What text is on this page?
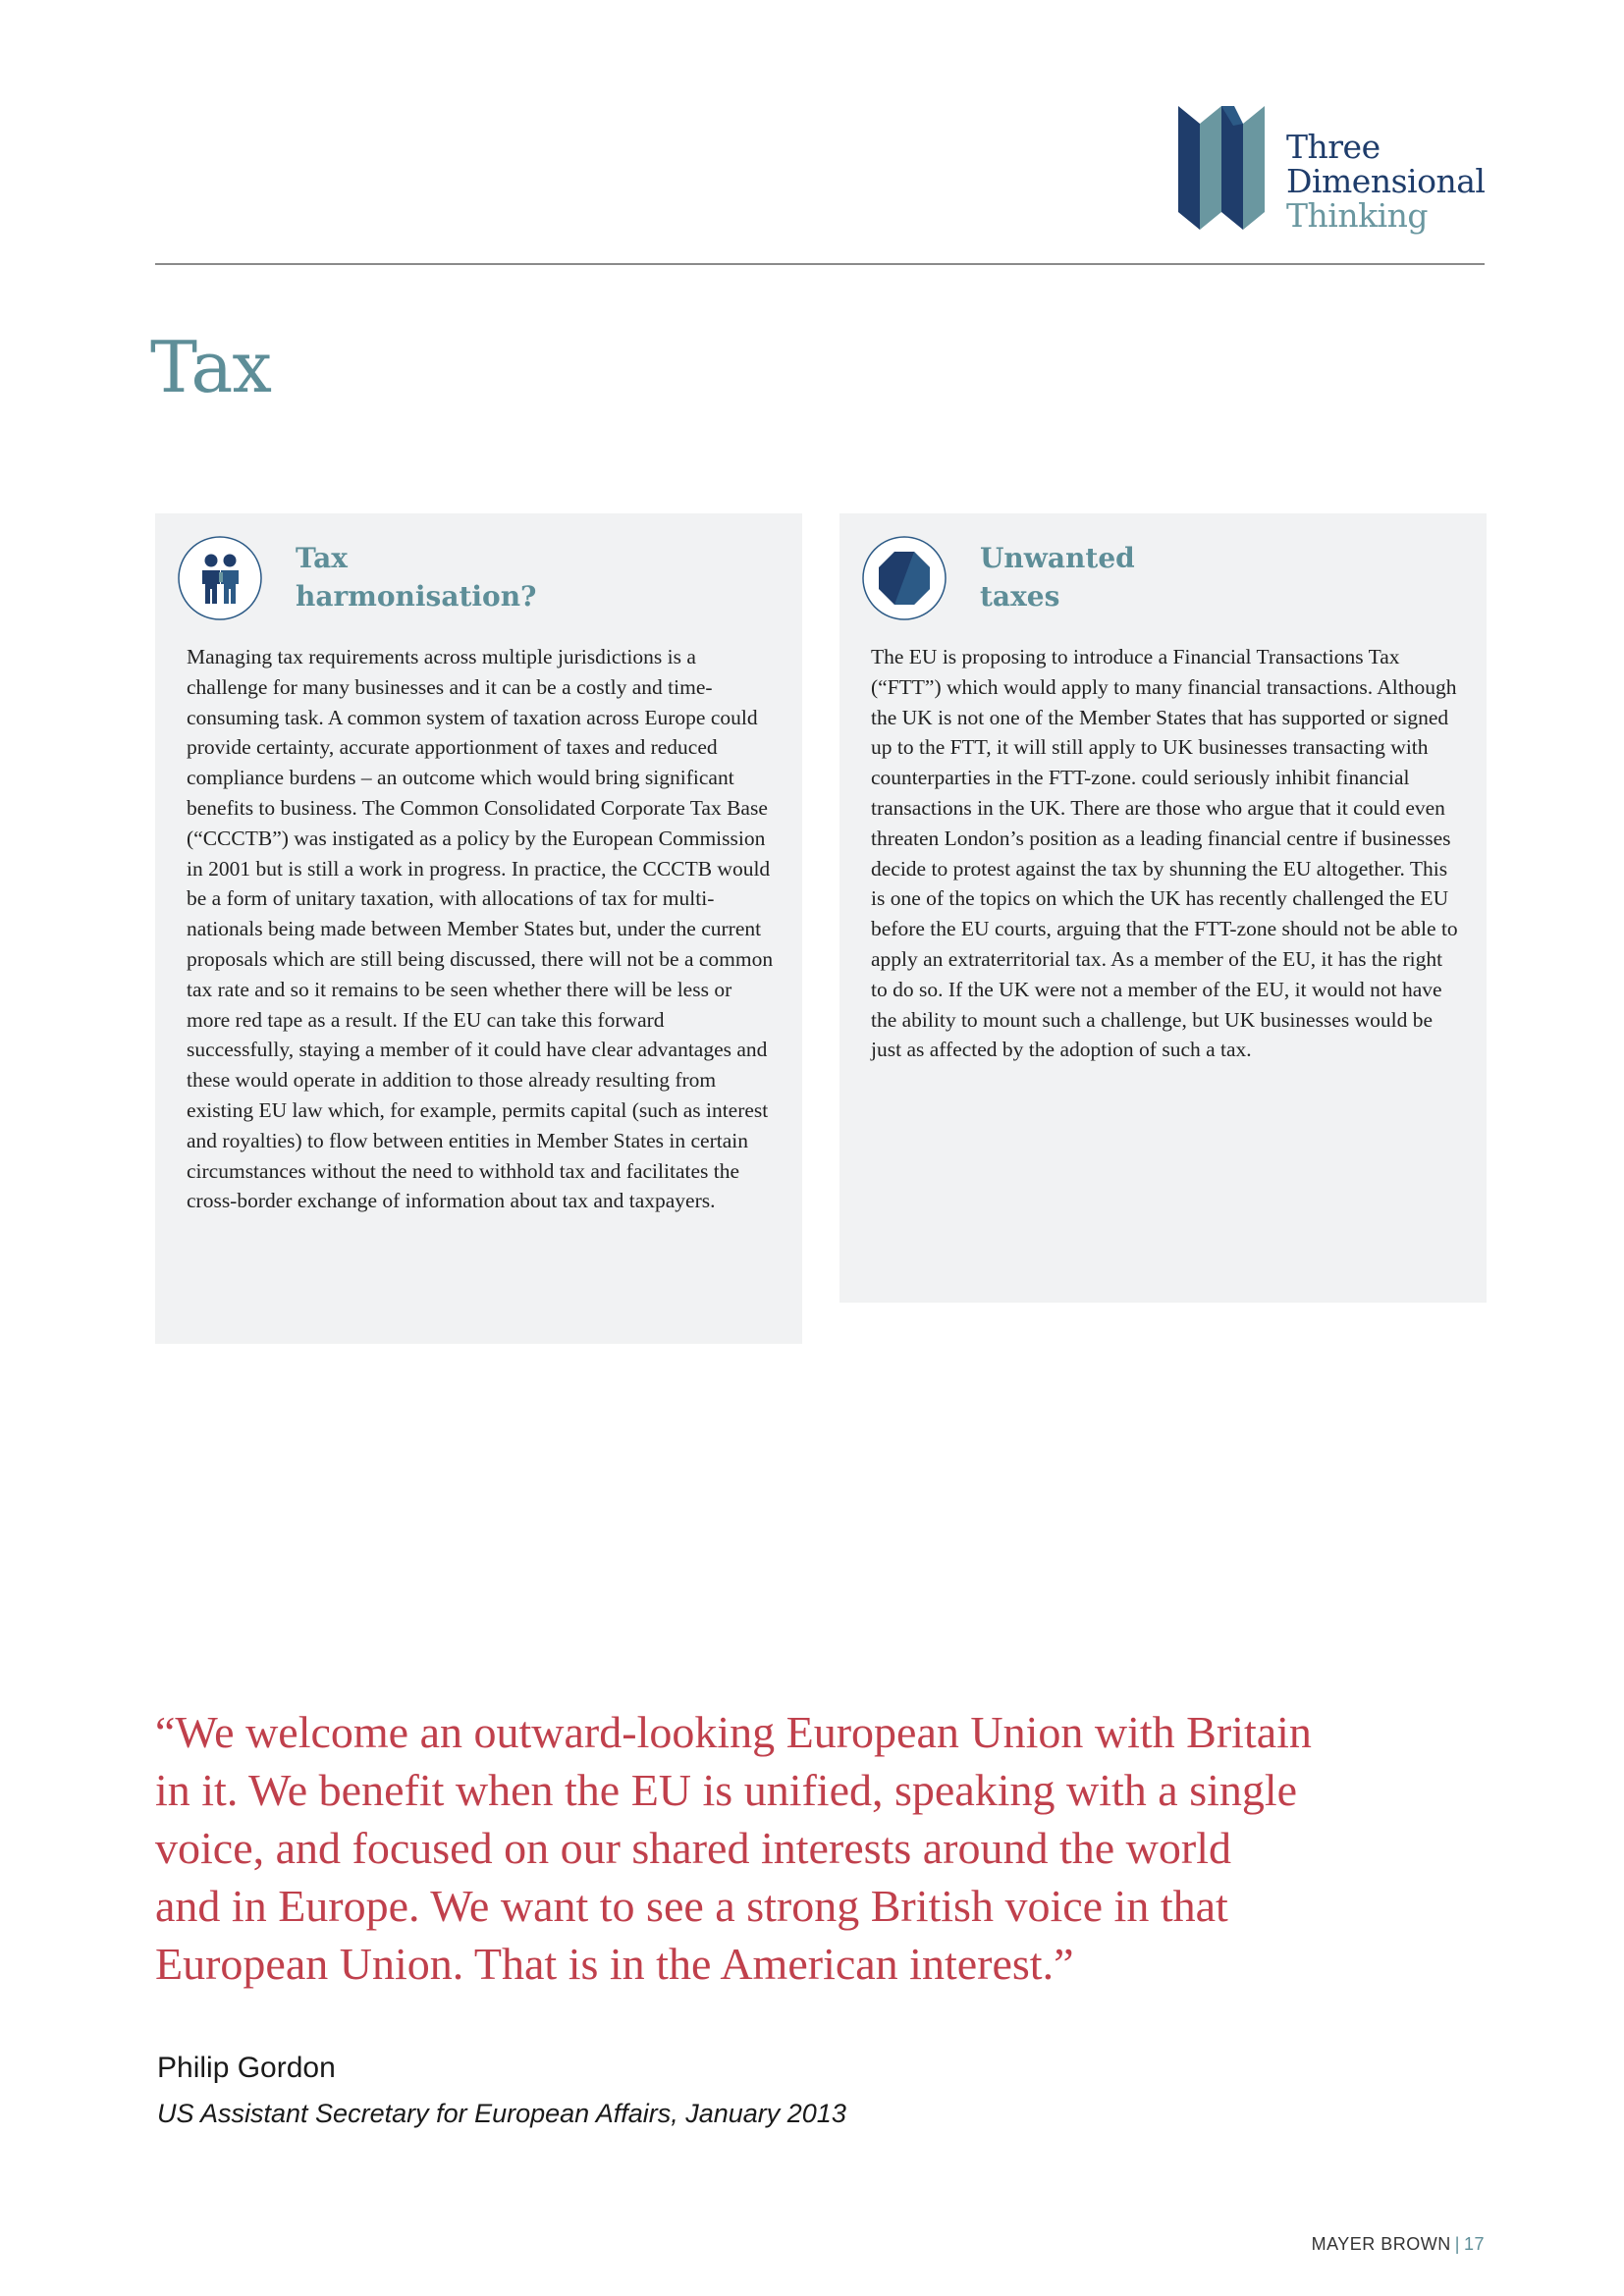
Three
Dimensional
Thinking
Tax
Tax
harmonisation?

Managing tax requirements across multiple jurisdictions is a challenge for many businesses and it can be a costly and time-consuming task. A common system of taxation across Europe could provide certainty, accurate apportionment of taxes and reduced compliance burdens – an outcome which would bring significant benefits to business. The Common Consolidated Corporate Tax Base (“CCCTB”) was instigated as a policy by the European Commission in 2001 but is still a work in progress. In practice, the CCCTB would be a form of unitary taxation, with allocations of tax for multi-nationals being made between Member States but, under the current proposals which are still being discussed, there will not be a common tax rate and so it remains to be seen whether there will be less or more red tape as a result. If the EU can take this forward successfully, staying a member of it could have clear advantages and these would operate in addition to those already resulting from existing EU law which, for example, permits capital (such as interest and royalties) to flow between entities in Member States in certain circumstances without the need to withhold tax and facilitates the cross-border exchange of information about tax and taxpayers.

Unwanted
taxes

The EU is proposing to introduce a Financial Transactions Tax (“FTT”) which would apply to many financial transactions. Although the UK is not one of the Member States that has supported or signed up to the FTT, it will still apply to UK businesses transacting with counterparties in the FTT-zone. could seriously inhibit financial transactions in the UK. There are those who argue that it could even threaten London’s position as a leading financial centre if businesses decide to protest against the tax by shunning the EU altogether. This is one of the topics on which the UK has recently challenged the EU before the EU courts, arguing that the FTT-zone should not be able to apply an extraterritorial tax. As a member of the EU, it has the right to do so. If the UK were not a member of the EU, it would not have the ability to mount such a challenge, but UK businesses would be just as affected by the adoption of such a tax.

“We welcome an outward-looking European Union with Britain
in it. We benefit when the EU is unified, speaking with a single
voice, and focused on our shared interests around the world
and in Europe. We want to see a strong British voice in that
European Union. That is in the American interest.”

Philip Gordon
US Assistant Secretary for European Affairs, January 2013
MAYER BROWN | 17
